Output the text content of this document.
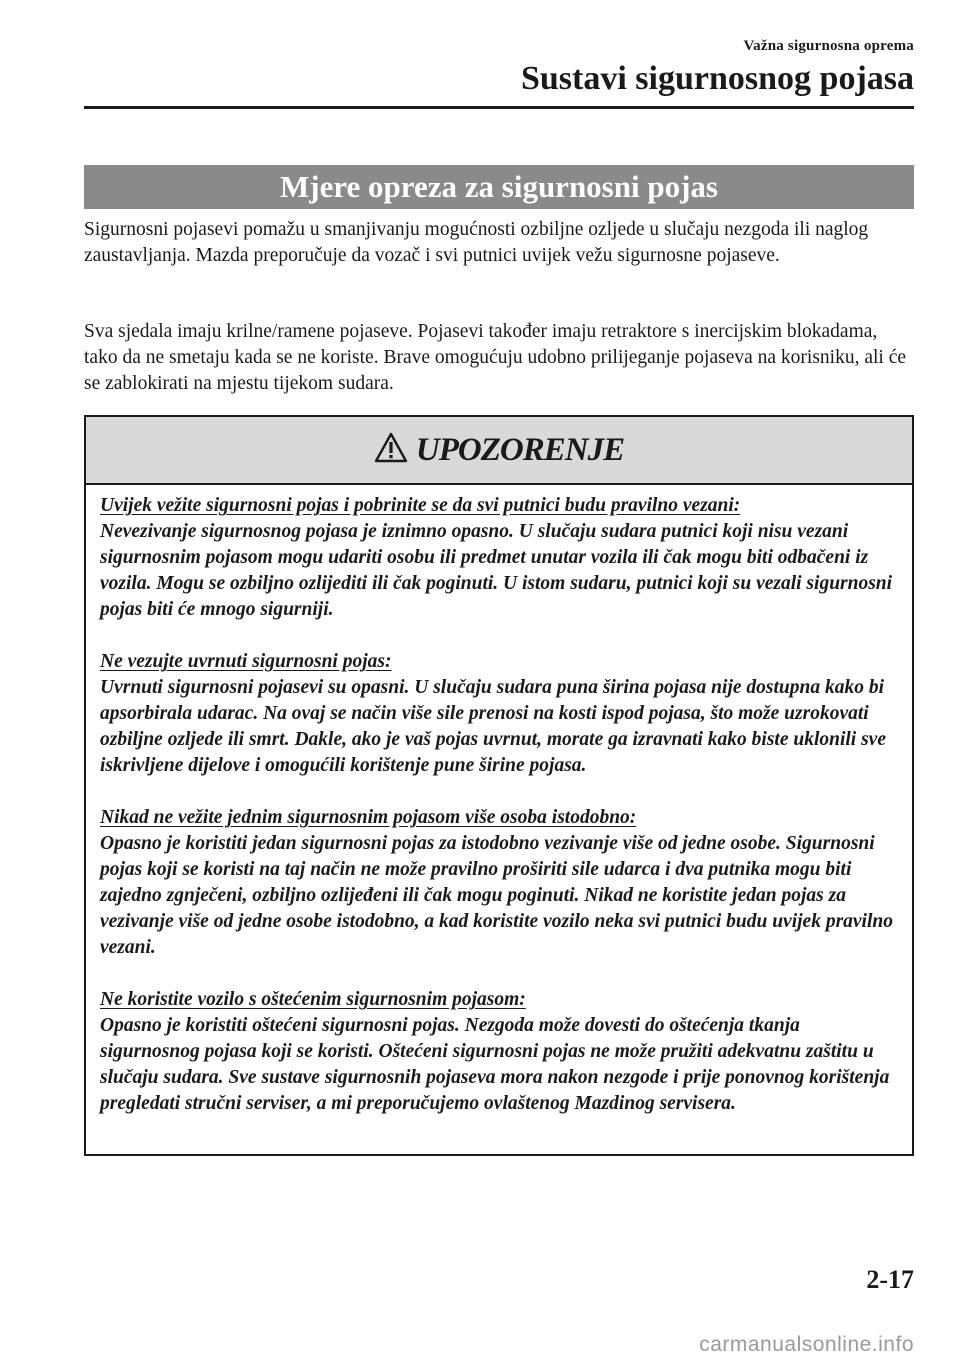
Važna sigurnosna oprema
Sustavi sigurnosnog pojasa
Mjere opreza za sigurnosni pojas

Sigurnosni pojasevi pomažu u smanjivanju mogućnosti ozbiljne ozljede u slučaju nezgoda ili naglog zaustavljanja. Mazda preporučuje da vozač i svi putnici uvijek vežu sigurnosne pojaseve.

Sva sjedala imaju krilne/ramene pojaseve. Pojasevi također imaju retraktore s inercijskim blokadama, tako da ne smetaju kada se ne koriste. Brave omogućuju udobno prilijeganje pojaseva na korisniku, ali će se zablokirati na mjestu tijekom sudara.

UPOZORENJE
Uvijek vežite sigurnosni pojas i pobrinite se da svi putnici budu pravilno vezani:
Nevezivanje sigurnosnog pojasa je iznimno opasno. U slučaju sudara putnici koji nisu vezani sigurnosnim pojasom mogu udariti osobu ili predmet unutar vozila ili čak mogu biti odbačeni iz vozila. Mogu se ozbiljno ozlijediti ili čak poginuti. U istom sudaru, putnici koji su vezali sigurnosni pojas biti će mnogo sigurniji.
Ne vezujte uvrnuti sigurnosni pojas:
Uvrnuti sigurnosni pojasevi su opasni. U slučaju sudara puna širina pojasa nije dostupna kako bi apsorbirala udarac. Na ovaj se način više sile prenosi na kosti ispod pojasa, što može uzrokovati ozbiljne ozljede ili smrt. Dakle, ako je vaš pojas uvrnut, morate ga izravnati kako biste uklonili sve iskrivljene dijelove i omogućili korištenje pune širine pojasa.
Nikad ne vežite jednim sigurnosnim pojasom više osoba istodobno:
Opasno je koristiti jedan sigurnosni pojas za istodobno vezivanje više od jedne osobe. Sigurnosni pojas koji se koristi na taj način ne može pravilno proširiti sile udarca i dva putnika mogu biti zajedno zgnječeni, ozbiljno ozlijeđeni ili čak mogu poginuti. Nikad ne koristite jedan pojas za vezivanje više od jedne osobe istodobno, a kad koristite vozilo neka svi putnici budu uvijek pravilno vezani.
Ne koristite vozilo s oštećenim sigurnosnim pojasom:
Opasno je koristiti oštećeni sigurnosni pojas. Nezgoda može dovesti do oštećenja tkanja sigurnosnog pojasa koji se koristi. Oštećeni sigurnosni pojas ne može pružiti adekvatnu zaštitu u slučaju sudara. Sve sustave sigurnosnih pojaseva mora nakon nezgode i prije ponovnog korištenja pregledati stručni serviser, a mi preporučujemo ovlaštenog Mazdinog servisera.
2-17
carmanualsonline.info
